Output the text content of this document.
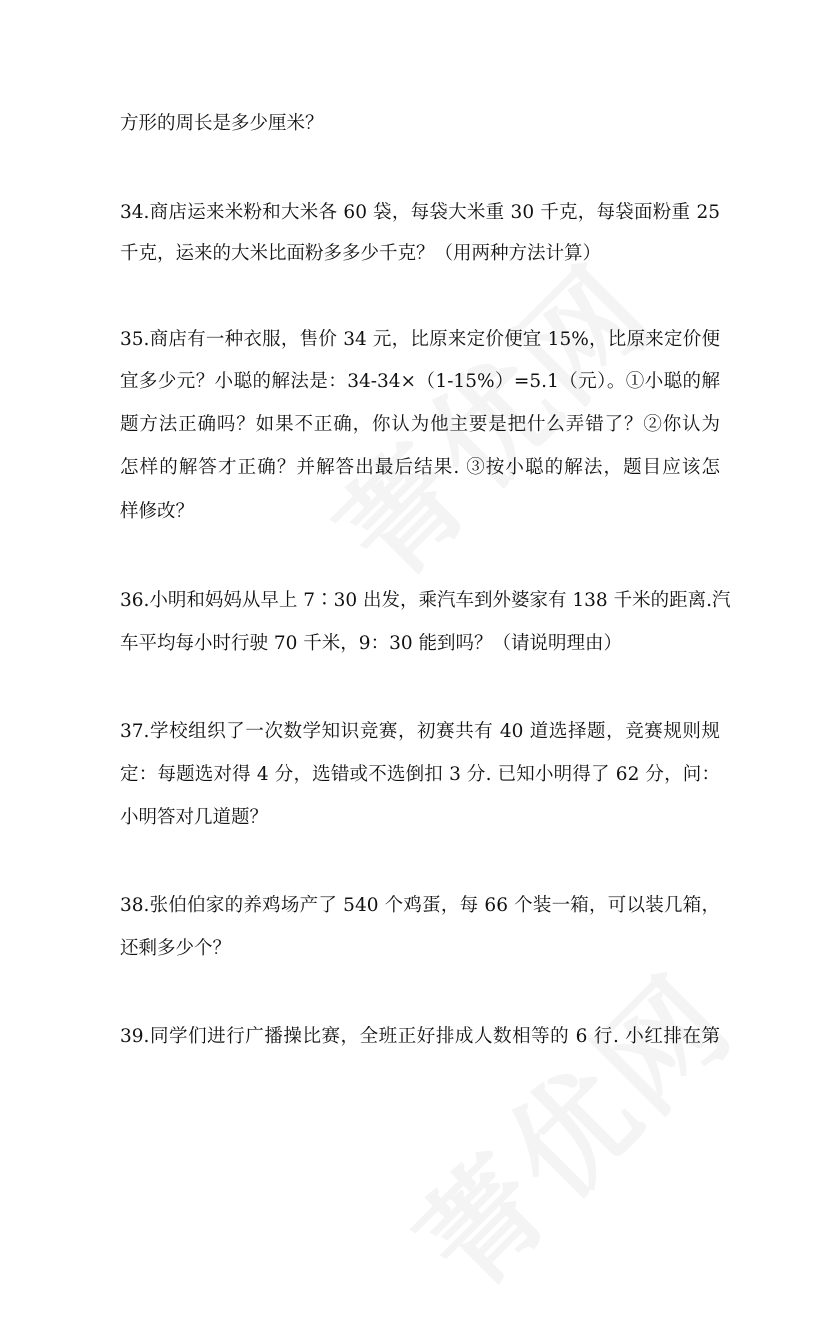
方形的周长是多少厘米？
34.商店运来米粉和大米各 60 袋，每袋大米重 30 千克，每袋面粉重 25
千克，运来的大米比面粉多多少千克？（用两种方法计算）
35.商店有一种衣服，售价 34 元，比原来定价便宜 15%，比原来定价便
宜多少元？小聪的解法是：34-34×（1-15%）=5.1（元）。①小聪的解
题方法正确吗？如果不正确，你认为他主要是把什么弄错了？②你认为
怎样的解答才正确？并解答出最后结果. ③按小聪的解法，题目应该怎
样修改？
36.小明和妈妈从早上 7∶30 出发，乘汽车到外婆家有 138 千米的距离.汽
车平均每小时行驶 70 千米，9：30 能到吗？（请说明理由）
37.学校组织了一次数学知识竞赛，初赛共有 40 道选择题，竞赛规则规
定：每题选对得 4 分，选错或不选倒扣 3 分. 已知小明得了 62 分，问：
小明答对几道题？
38.张伯伯家的养鸡场产了 540 个鸡蛋，每 66 个装一箱，可以装几箱，
还剩多少个？
39.同学们进行广播操比赛，全班正好排成人数相等的 6 行. 小红排在第
